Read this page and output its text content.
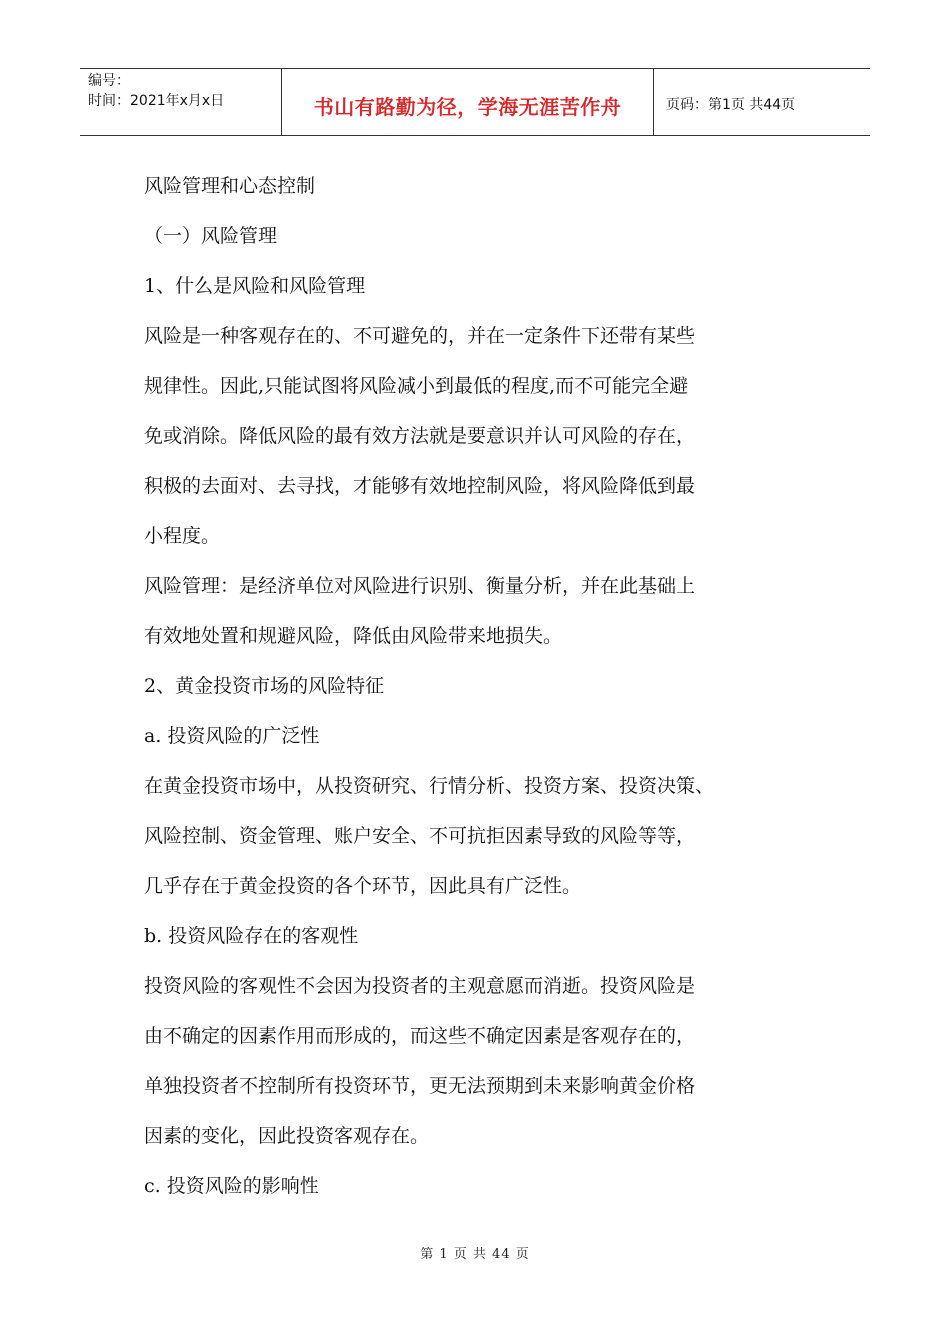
编号：
时间：2021年x月x日	书山有路勤为径，学海无涯苦作舟	页码：第1页 共44页
风险管理和心态控制
（一）风险管理
1、什么是风险和风险管理
风险是一种客观存在的、不可避免的，并在一定条件下还带有某些
规律性。因此,只能试图将风险减小到最低的程度,而不可能完全避
免或消除。降低风险的最有效方法就是要意识并认可风险的存在，
积极的去面对、去寻找，才能够有效地控制风险，将风险降低到最
小程度。
风险管理：是经济单位对风险进行识别、衡量分析，并在此基础上
有效地处置和规避风险，降低由风险带来地损失。
2、黄金投资市场的风险特征
a. 投资风险的广泛性
在黄金投资市场中，从投资研究、行情分析、投资方案、投资决策、
风险控制、资金管理、账户安全、不可抗拒因素导致的风险等等，
几乎存在于黄金投资的各个环节，因此具有广泛性。
b. 投资风险存在的客观性
投资风险的客观性不会因为投资者的主观意愿而消逝。投资风险是
由不确定的因素作用而形成的，而这些不确定因素是客观存在的，
单独投资者不控制所有投资环节，更无法预期到未来影响黄金价格
因素的变化，因此投资客观存在。
c. 投资风险的影响性
第 1 页 共 44 页
